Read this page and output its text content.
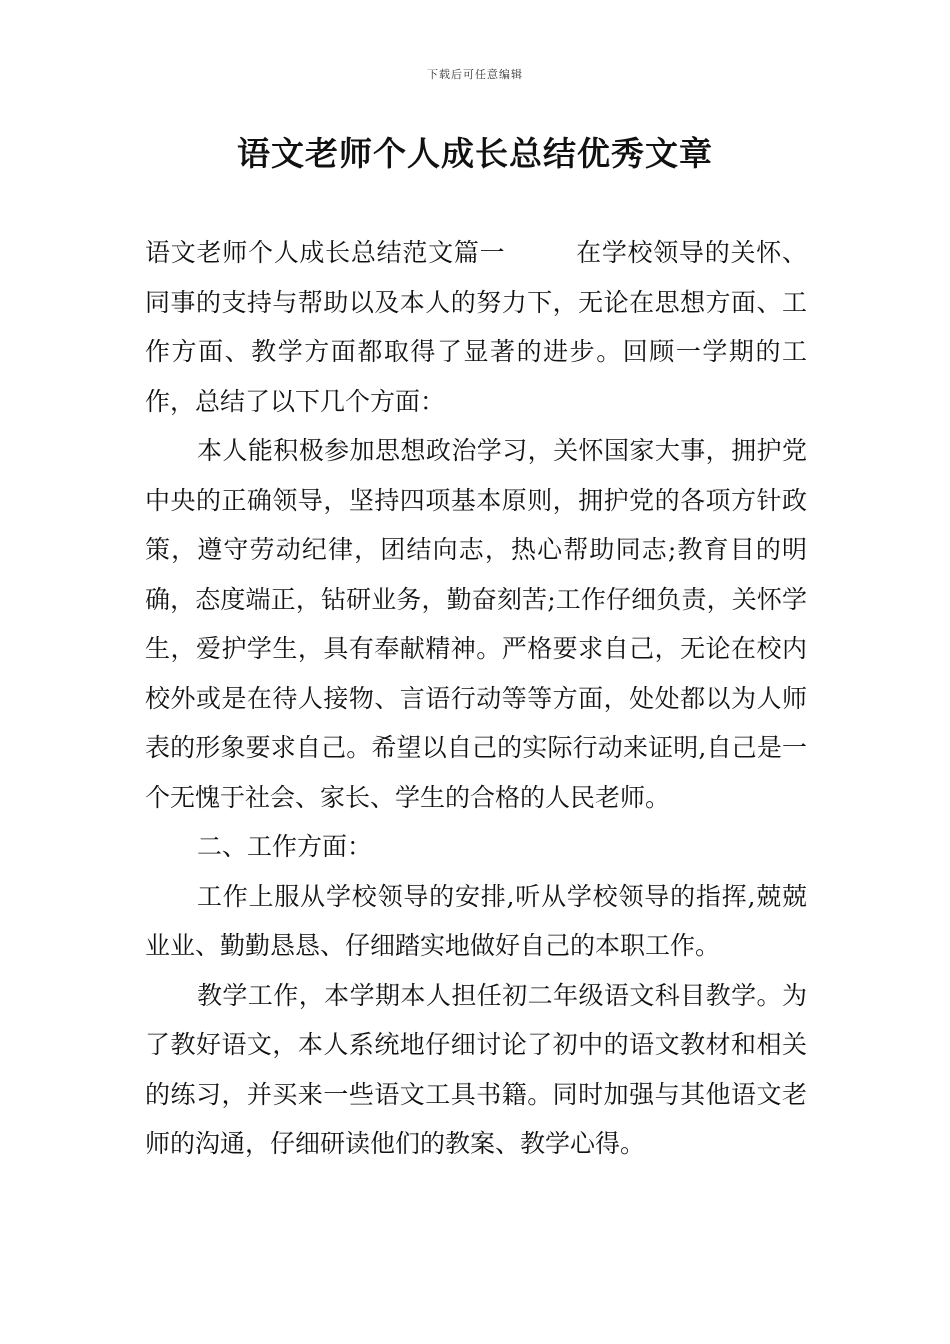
下载后可任意编辑
语文老师个人成长总结优秀文章

语文老师个人成长总结范文篇一	在学校领导的关怀、同事的支持与帮助以及本人的努力下，无论在思想方面、工作方面、教学方面都取得了显著的进步。回顾一学期的工作，总结了以下几个方面：

本人能积极参加思想政治学习，关怀国家大事，拥护党中央的正确领导，坚持四项基本原则，拥护党的各项方针政策，遵守劳动纪律，团结向志，热心帮助同志;教育目的明确，态度端正，钻研业务，勤奋刻苦;工作仔细负责，关怀学生，爱护学生，具有奉献精神。严格要求自己，无论在校内校外或是在待人接物、言语行动等等方面，处处都以为人师表的形象要求自己。希望以自己的实际行动来证明,自己是一个无愧于社会、家长、学生的合格的人民老师。

二、工作方面：

工作上服从学校领导的安排,听从学校领导的指挥,兢兢业业、勤勤恳恳、仔细踏实地做好自己的本职工作。

教学工作，本学期本人担任初二年级语文科目教学。为了教好语文，本人系统地仔细讨论了初中的语文教材和相关的练习，并买来一些语文工具书籍。同时加强与其他语文老师的沟通，仔细研读他们的教案、教学心得。
